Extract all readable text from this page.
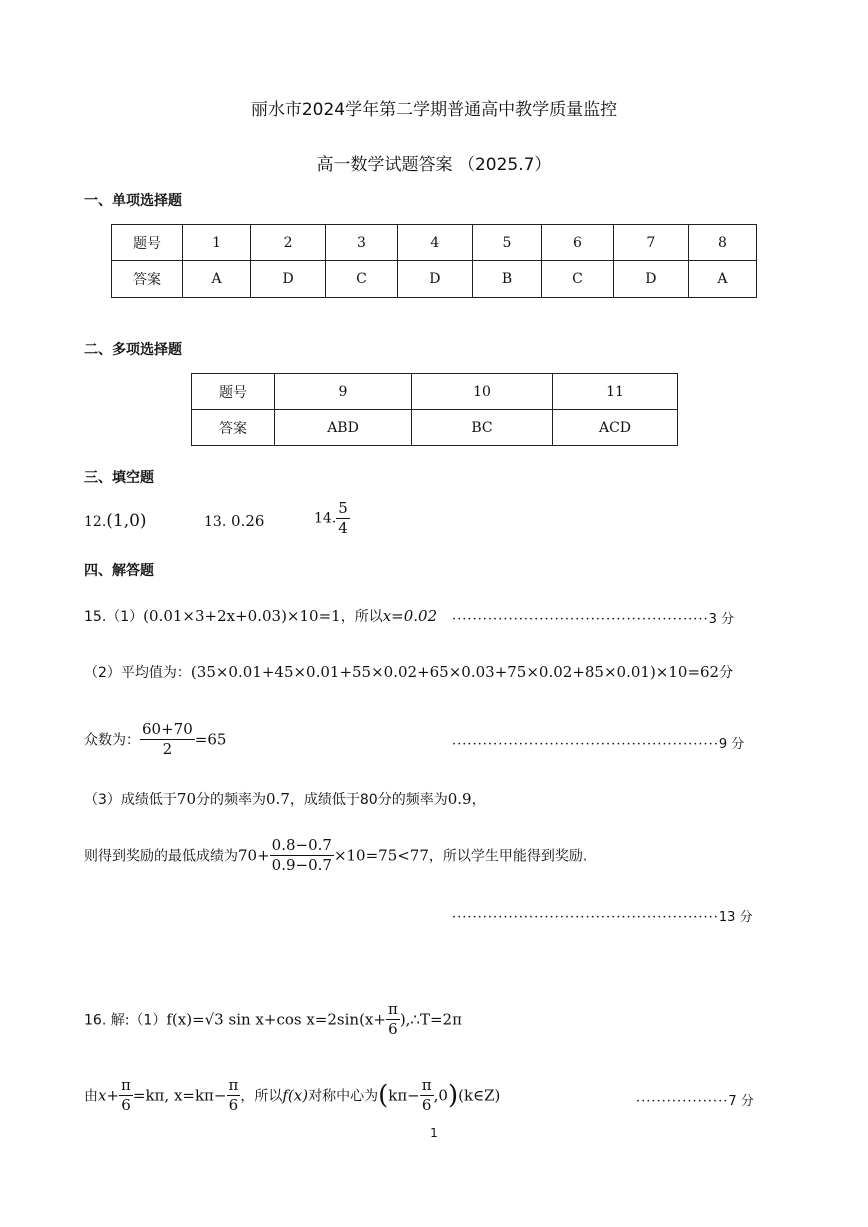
丽水市2024学年第二学期普通高中教学质量监控
高一数学试题答案 （2025.7）
一、单项选择题
题号	1	2	3	4	5	6	7	8
答案	A	D	C	D	B	C	D	A
二、多项选择题
题号	9	10	11
答案	ABD	BC	ACD
三、填空题
12.(1,0)	13. 0.26	14. $\frac{5}{4}$
四、解答题
15.（1）(0.01×3+2x+0.03)×10=1，所以x=0.02 ··················································3 分
（2）平均值为：(35×0.01+45×0.01+55×0.02+65×0.03+75×0.02+85×0.01)×10=62分
众数为： $\frac{60+70}{2} =65$	····················································9 分
（3）成绩低于70分的频率为0.7，成绩低于80分的频率为0.9，
则得到奖励的最低成绩为$70+ \frac{0.8-0.7}{0.9-0.7} \times 10=75<77$，所以学生甲能得到奖励.
····················································13 分
16. 解:（1）f(x)=√3 sin x+cos $x=2\sin(x+ \frac{\pi}{6}$ ),∴T=2π
由$x+ \frac{\pi}{6} =k\pi$, $x=k\pi- \frac{\pi}{6}$ ，所以f(x)对称中心为($k\pi- \frac{\pi}{6}$ ,0)(k∈Z)	··················7 分
1
